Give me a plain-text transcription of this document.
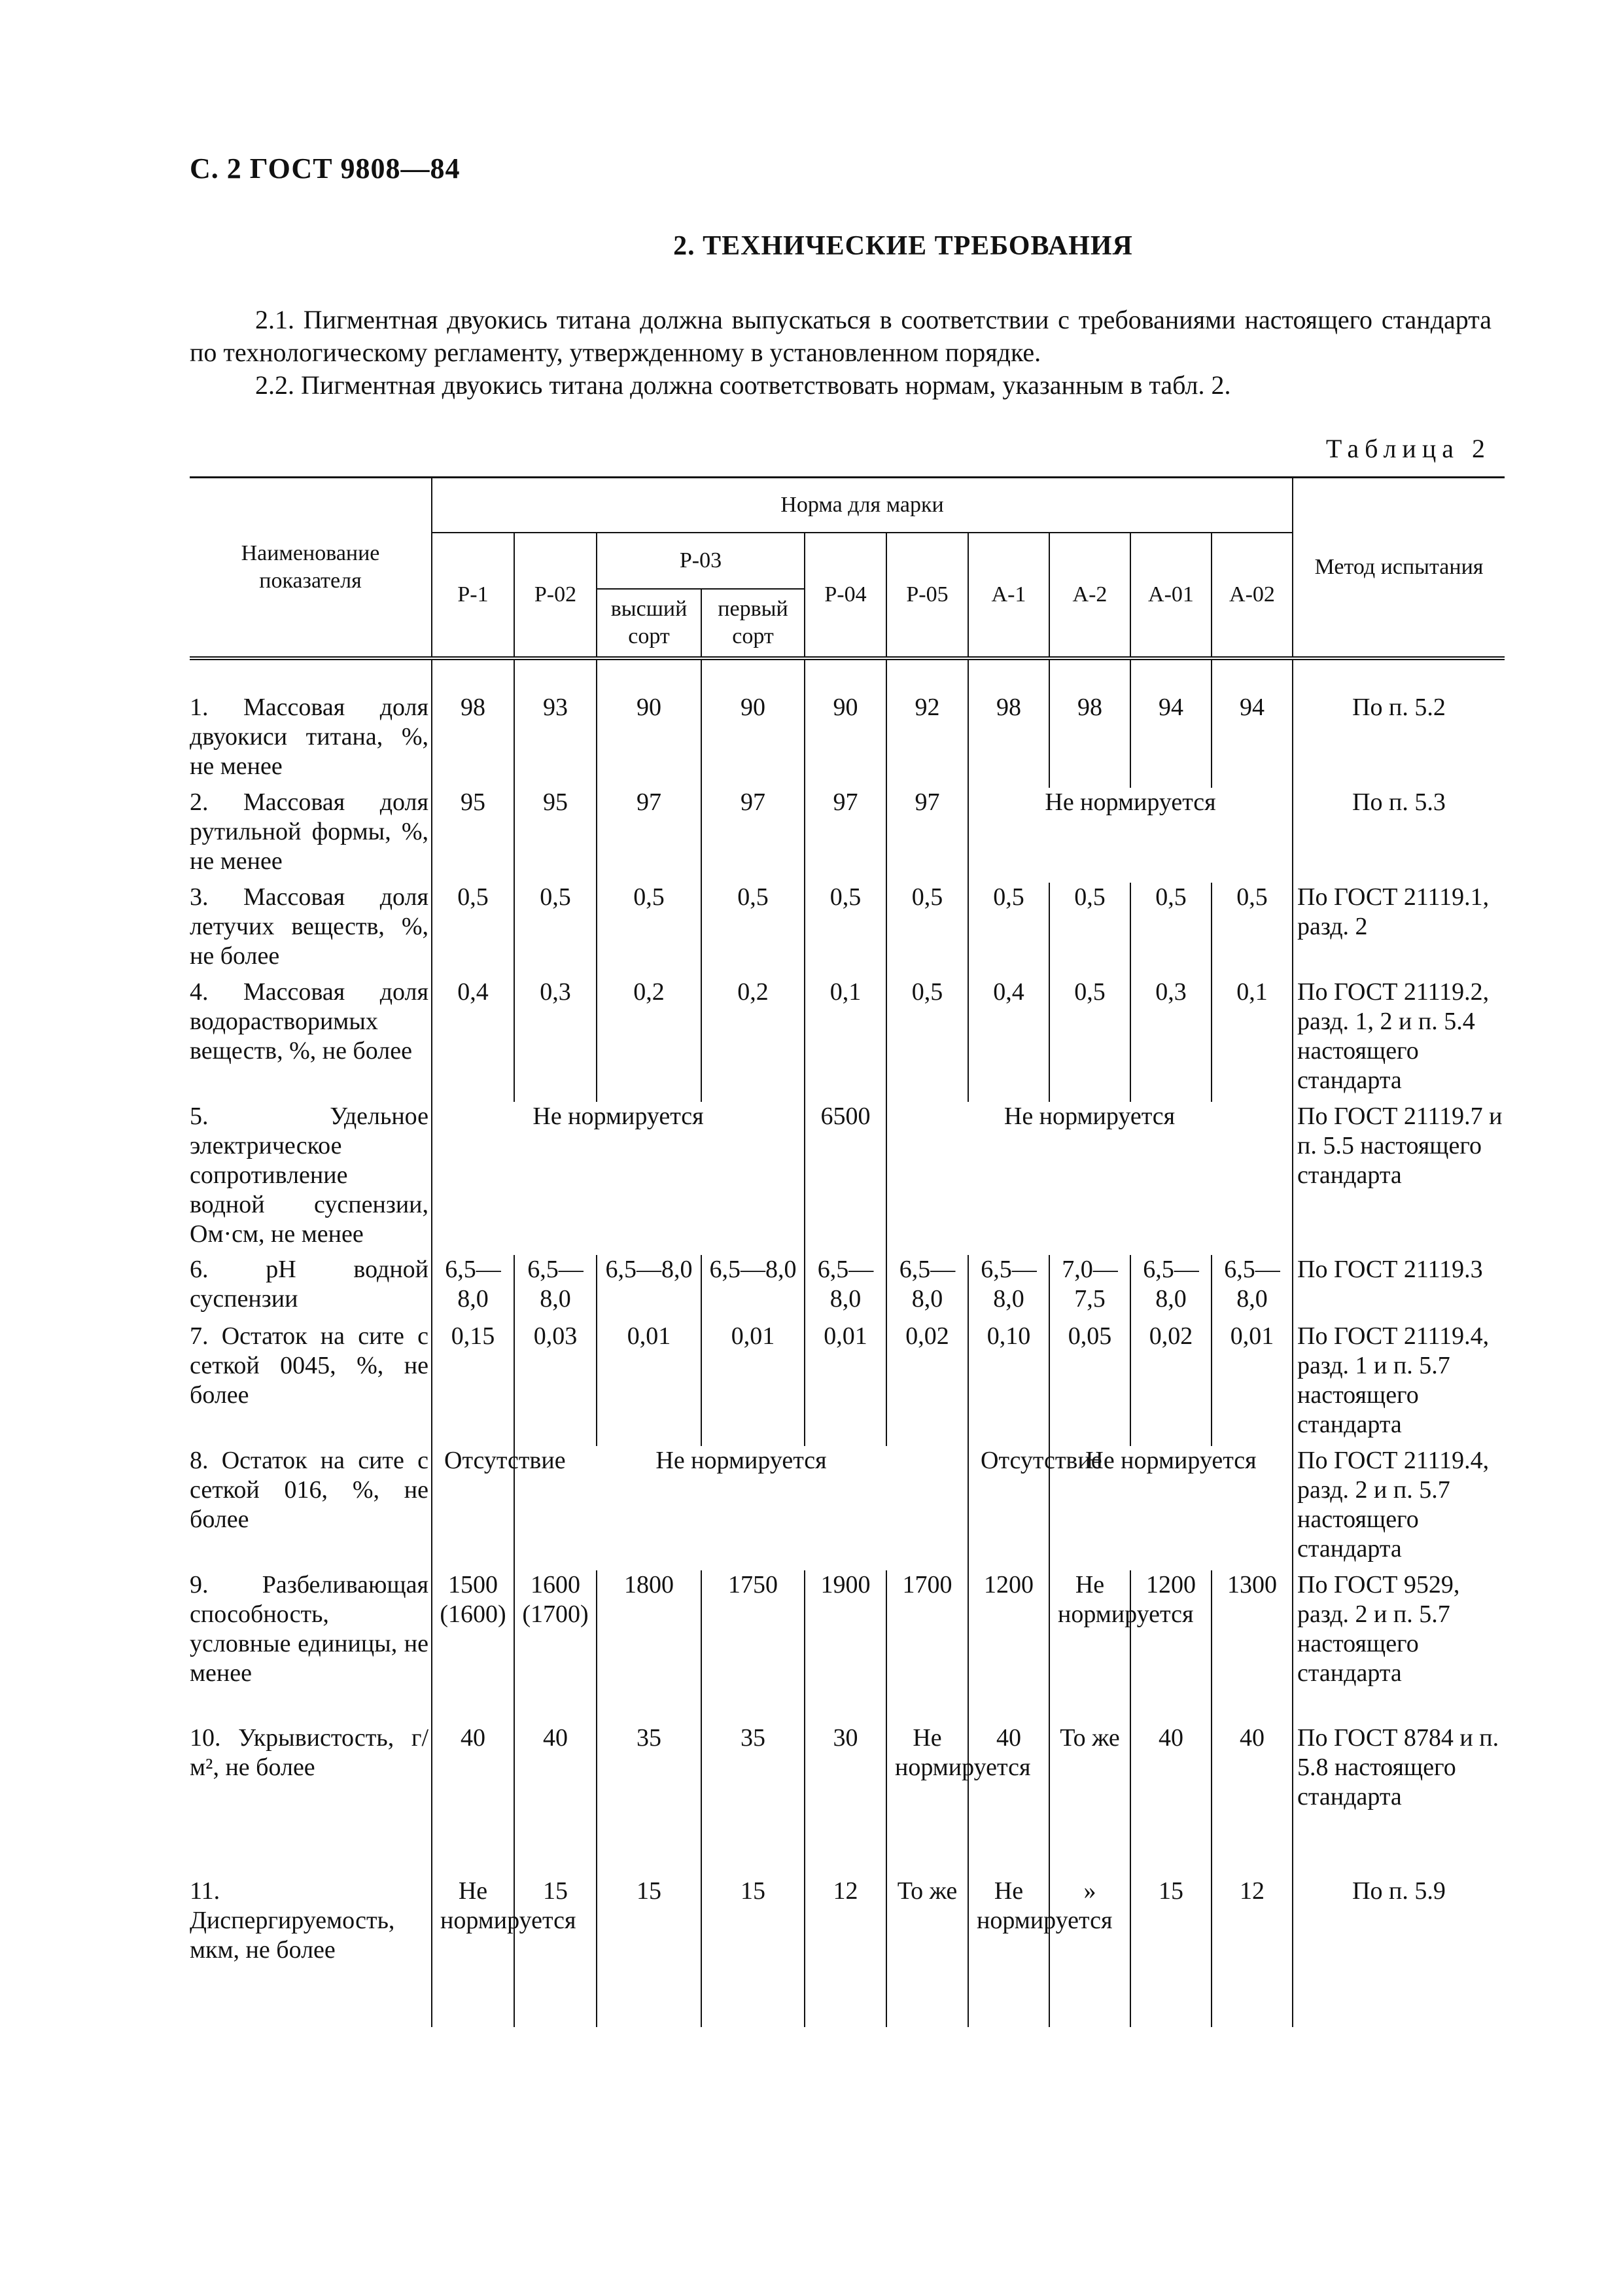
С. 2 ГОСТ 9808—84
2. ТЕХНИЧЕСКИЕ ТРЕБОВАНИЯ
2.1. Пигментная двуокись титана должна выпускаться в соответствии с требованиями настоящего стандарта по технологическому регламенту, утвержденному в установленном порядке.
2.2. Пигментная двуокись титана должна соответствовать нормам, указанным в табл. 2.
Таблица 2
Наименование показателя	Норма для марки										Метод испытания
	Р-1	Р-02	Р-03		Р-04	Р-05	А-1	А-2	А-01	А-02	
			высший сорт	первый сорт							

1. Массовая доля двуокиси титана, %, не менее	98	93	90	90	90	92	98	98	94	94	По п. 5.2
2. Массовая доля рутильной формы, %, не менее	95	95	97	97	97	97	Не нормируется				По п. 5.3
3. Массовая доля летучих веществ, %, не более	0,5	0,5	0,5	0,5	0,5	0,5	0,5	0,5	0,5	0,5	По ГОСТ 21119.1, разд. 2
4. Массовая доля водорастворимых веществ, %, не более	0,4	0,3	0,2	0,2	0,1	0,5	0,4	0,5	0,3	0,1	По ГОСТ 21119.2, разд. 1, 2 и п. 5.4 настоящего стандарта
5. Удельное электрическое сопротивление водной суспензии, Ом·см, не менее	Не нормируется				6500	Не нормируется					По ГОСТ 21119.7 и п. 5.5 настоящего стандарта
6. pH водной суспензии	6,5—8,0	6,5—8,0	6,5—8,0	6,5—8,0	6,5—8,0	6,5—8,0	6,5—8,0	7,0—7,5	6,5—8,0	6,5—8,0	По ГОСТ 21119.3
7. Остаток на сите с сеткой 0045, %, не более	0,15	0,03	0,01	0,01	0,01	0,02	0,10	0,05	0,02	0,01	По ГОСТ 21119.4, разд. 1 и п. 5.7 настоящего стандарта
8. Остаток на сите с сеткой 016, %, не более	Отсутствие	Не нормируется					Отсутствие	Не нормируется			По ГОСТ 21119.4, разд. 2 и п. 5.7 настоящего стандарта
9. Разбеливающая способность, условные единицы, не менее	1500 (1600)	1600 (1700)	1800	1750	1900	1700	1200	Не нормируется	1200	1300	По ГОСТ 9529, разд. 2 и п. 5.7 настоящего стандарта
10. Укрывистость, г/м², не более	40	40	35	35	30	Не нормируется	40	То же	40	40	По ГОСТ 8784 и п. 5.8 настоящего стандарта
11. Диспергируемость, мкм, не более	Не нормируется	15	15	15	12	То же	Не нормируется	»	15	12	По п. 5.9
